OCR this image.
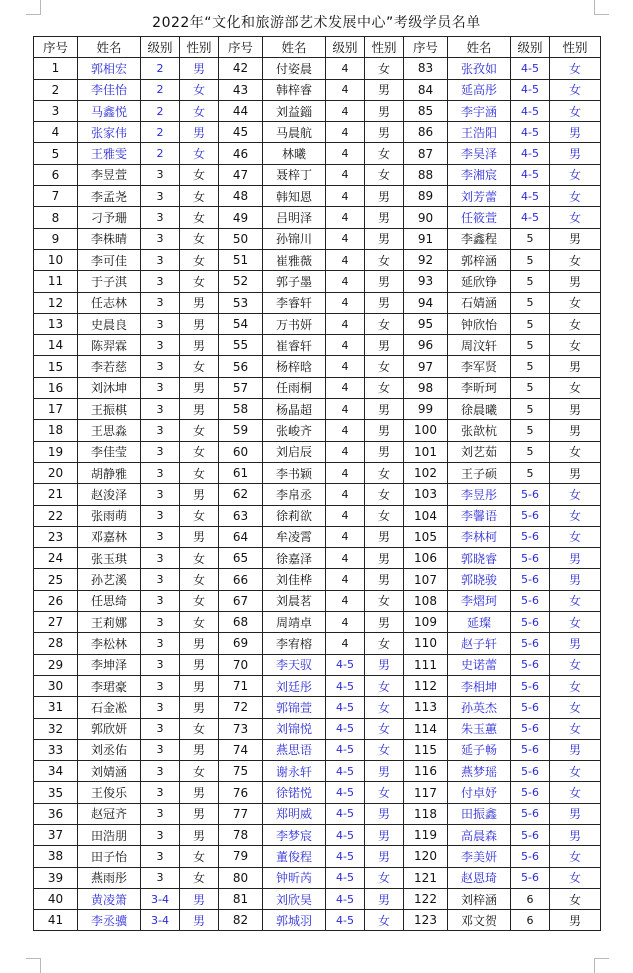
2022年“文化和旅游部艺术发展中心”考级学员名单
序号	姓名	级别	性别	序号	姓名	级别	性别	序号	姓名	级别	性别
1	郭相宏	2	男	42	付姿晨	4	女	83	张孜如	4-5	女
2	李佳怡	2	女	43	韩梓睿	4	男	84	延高彤	4-5	女
3	马鑫悦	2	女	44	刘益錙	4	男	85	李宇涵	4-5	女
4	张家伟	2	男	45	马晨航	4	男	86	王浩阳	4-5	男
5	王雅雯	2	女	46	林曦	4	女	87	李昊泽	4-5	男
6	李昱萱	3	女	47	聂梓丁	4	女	88	李湘宸	4-5	女
7	李孟尧	3	女	48	韩知恩	4	男	89	刘芳蕾	4-5	女
8	刁予珊	3	女	49	吕明泽	4	男	90	任筱萱	4-5	女
9	李株晴	3	女	50	孙锦川	4	男	91	李鑫程	5	男
10	李可佳	3	女	51	崔雅薇	4	女	92	郭梓涵	5	女
11	于子淇	3	女	52	郭子墨	4	男	93	延欣铮	5	男
12	任志林	3	男	53	李睿轩	4	男	94	石婧涵	5	女
13	史晨良	3	男	54	万书妍	4	女	95	钟欣怡	5	女
14	陈羿霖	3	男	55	崔睿轩	4	男	96	周汶轩	5	女
15	李若慈	3	女	56	杨梓晗	4	女	97	李军贤	5	男
16	刘沐坤	3	男	57	任雨桐	4	女	98	李昕珂	5	女
17	王振棋	3	男	58	杨晶超	4	男	99	徐晨曦	5	男
18	王思淼	3	女	59	张峻齐	4	男	100	张歆杭	5	男
19	李佳莹	3	女	60	刘启辰	4	男	101	刘艺茹	5	女
20	胡静雅	3	女	61	李书颖	4	女	102	王子硕	5	男
21	赵浚泽	3	男	62	李帛丞	4	女	103	李昱彤	5-6	女
22	张雨萌	3	女	63	徐莉欲	4	女	104	李馨语	5-6	女
23	邓嘉林	3	男	64	牟凌霄	4	男	105	李林柯	5-6	女
24	张玉琪	3	女	65	徐嘉泽	4	男	106	郭晓睿	5-6	男
25	孙艺溪	3	女	66	刘佳桦	4	男	107	郭晓骏	5-6	男
26	任思绮	3	女	67	刘晨茗	4	女	108	李熠珂	5-6	女
27	王莉娜	3	女	68	周靖卓	4	男	109	延璨	5-6	女
28	李松林	3	男	69	李宥榕	4	女	110	赵子轩	5-6	男
29	李坤泽	3	男	70	李天驭	4-5	男	111	史诺蕾	5-6	女
30	李珺豪	3	男	71	刘廷彤	4-5	女	112	李相坤	5-6	女
31	石金凇	3	男	72	郭锦萱	4-5	女	113	孙英杰	5-6	女
32	郭欣妍	3	女	73	刘锦悦	4-5	女	114	朱玉蕙	5-6	女
33	刘丞佑	3	男	74	燕思语	4-5	女	115	延子畅	5-6	男
34	刘婧涵	3	女	75	谢永轩	4-5	男	116	燕梦瑶	5-6	女
35	王俊乐	3	男	76	徐锘悦	4-5	女	117	付卓妤	5-6	女
36	赵冠齐	3	男	77	郑明威	4-5	男	118	田振鑫	5-6	男
37	田浩朋	3	男	78	李梦宸	4-5	男	119	高晨森	5-6	男
38	田子怡	3	女	79	董俊程	4-5	男	120	李美妍	5-6	女
39	燕雨彤	3	女	80	钟昕芮	4-5	女	121	赵恩琦	5-6	女
40	黄凌箫	3-4	男	81	刘欣昊	4-5	男	122	刘梓涵	6	女
41	李丞骥	3-4	男	82	郭城羽	4-5	女	123	邓文贺	6	男
